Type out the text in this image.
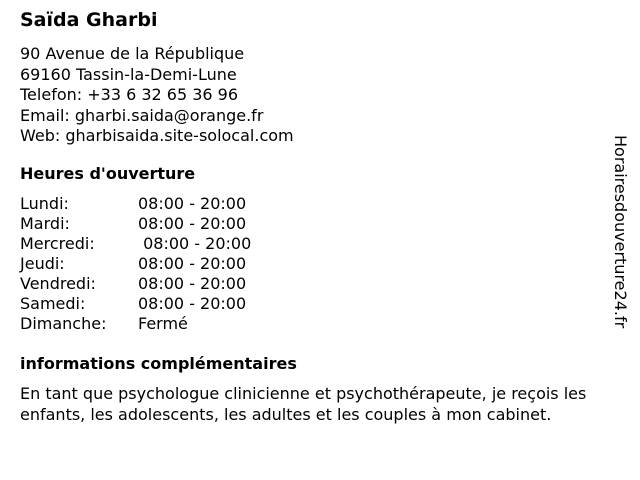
Saïda Gharbi
90 Avenue de la République
69160 Tassin-la-Demi-Lune
Telefon: +33 6 32 65 36 96
Email: gharbi.saida@orange.fr
Web: gharbisaida.site-solocal.com
Heures d'ouverture
Lundi:	08:00 - 20:00
Mardi:	08:00 - 20:00
Mercredi:	08:00 - 20:00
Jeudi:	08:00 - 20:00
Vendredi:	08:00 - 20:00
Samedi:	08:00 - 20:00
Dimanche:	Fermé
informations complémentaires
En tant que psychologue clinicienne et psychothérapeute, je reçois les
enfants, les adolescents, les adultes et les couples à mon cabinet.
Horairesdouverture24.fr
